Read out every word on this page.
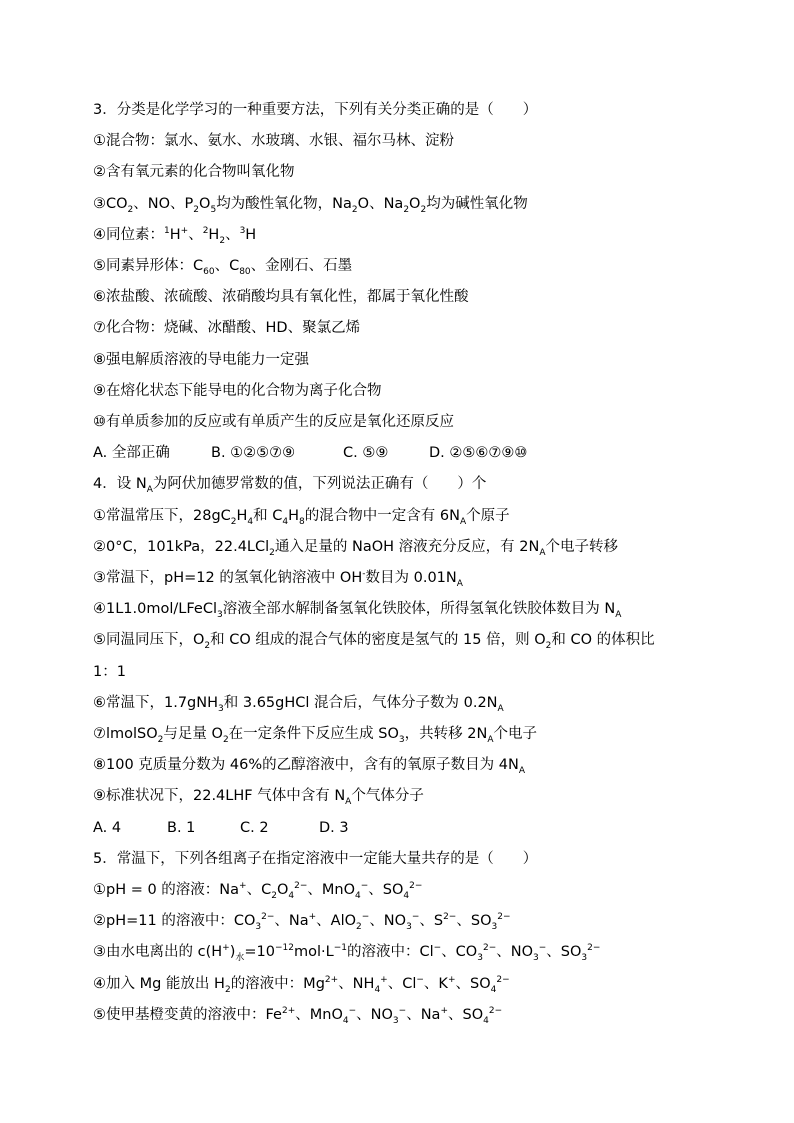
3．分类是化学学习的一种重要方法，下列有关分类正确的是（　　）
①混合物：氯水、氨水、水玻璃、水银、福尔马林、淀粉
②含有氧元素的化合物叫氧化物
$③CO_2$、NO、$P_2O_5$均为酸性氧化物，$Na_2O$、$Na_2O_2$均为碱性氧化物
④同位素：$^1$H+、$^2H_2$、$^3$H
⑤同素异形体：$C_{60}$、$C_{80}$、金刚石、石墨
⑥浓盐酸、浓硫酸、浓硝酸均具有氧化性，都属于氧化性酸
⑦化合物：烧碱、冰醋酸、HD、聚氯乙烯
⑧强电解质溶液的导电能力一定强
⑨在熔化状态下能导电的化合物为离子化合物
⑩有单质参加的反应或有单质产生的反应是氧化还原反应
A. 全部正确	B. ①②⑤⑦⑨	C. ⑤⑨	D. ②⑤⑥⑦⑨⑩
4．设 $N_A$为阿伏加德罗常数的值，下列说法正确有（　　）个
①常温常压下，$28gC_2H_4$和 $C_4H_8$的混合物中一定含有 $6N_A$个原子
②0°C，101kPa，22.4LCl$_2$通入足量的 NaOH 溶液充分反应，有 $2N_A$个电子转移
③常温下，pH=12 的氢氧化钠溶液中 OH-数目为 $0.01N_A$
④1L1.0mol/LFeCl$_3$溶液全部水解制备氢氧化铁胶体，所得氢氧化铁胶体数目为 $N_A$
⑤同温同压下，$O_2$和 CO 组成的混合气体的密度是氢气的 15 倍，则 $O_2$和 CO 的体积比
1：1
⑥常温下，1.7gNH$_3$和 3.65gHCl 混合后，气体分子数为 $0.2N_A$
⑦lmolSO$_2$与足量 $O_2$在一定条件下反应生成 $SO_3$，共转移 $2N_A$个电子
⑧100 克质量分数为 46%的乙醇溶液中，含有的氧原子数目为 $4N_A$
⑨标准状况下，22.4LHF 气体中含有 $N_A$个气体分子
A. 4	B. 1	C. 2	D. 3
5．常温下，下列各组离子在指定溶液中一定能大量共存的是（　　）
①pH = 0 的溶液：Na+、$C_2O_4^{2-}$、MnO$_4$−、$SO_4^{2-}$
②pH=11 的溶液中：$CO_3^{2-}$、Na+、AlO$_2$−、$NO_3^-$、$S^{2-}$、$SO_3^{2-}$
③由水电离出的 $c(H^+)_水=10^{-12}mol\cdot L^{-1}$的溶液中：Cl−、$CO_3^{2-}$、$NO_3^-$、$SO_3^{2-}$
④加入 Mg 能放出 $H_2$的溶液中：$Mg^{2+}$、$NH_4^+$、Cl−、K+、$SO_4^{2-}$
⑤使甲基橙变黄的溶液中：$Fe^{2+}$、MnO$_4$−、$NO_3^-$、Na+、$SO_4^{2-}$
